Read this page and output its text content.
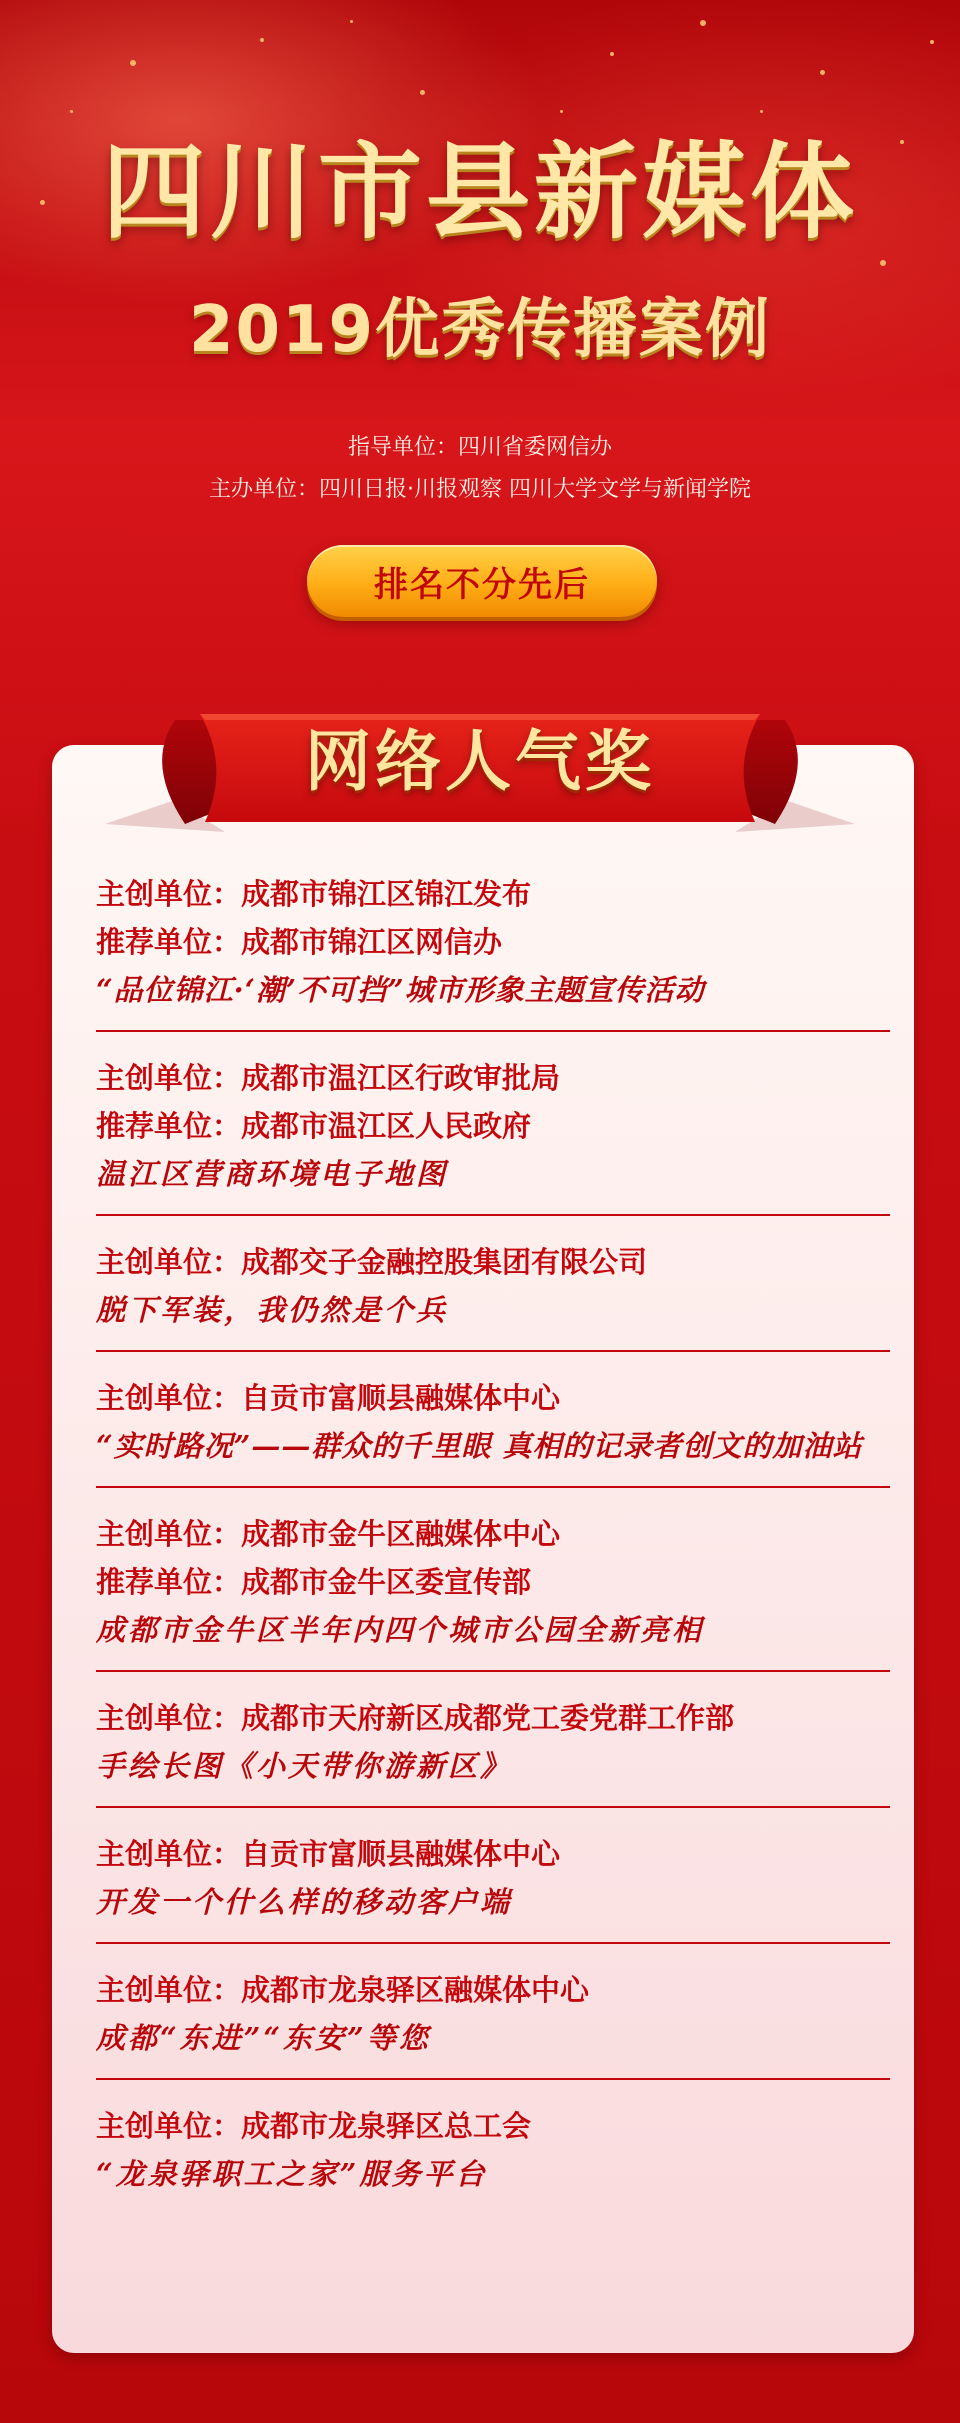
四川市县新媒体
2019优秀传播案例
指导单位：四川省委网信办
主办单位：四川日报·川报观察 四川大学文学与新闻学院
排名不分先后
网络人气奖
主创单位：成都市锦江区锦江发布
推荐单位：成都市锦江区网信办
“品位锦江·‘潮’不可挡”城市形象主题宣传活动
主创单位：成都市温江区行政审批局
推荐单位：成都市温江区人民政府
温江区营商环境电子地图
主创单位：成都交子金融控股集团有限公司
脱下军装，我仍然是个兵
主创单位：自贡市富顺县融媒体中心
“实时路况”——群众的千里眼 真相的记录者创文的加油站
主创单位：成都市金牛区融媒体中心
推荐单位：成都市金牛区委宣传部
成都市金牛区半年内四个城市公园全新亮相
主创单位：成都市天府新区成都党工委党群工作部
手绘长图《小天带你游新区》
主创单位：自贡市富顺县融媒体中心
开发一个什么样的移动客户端
主创单位：成都市龙泉驿区融媒体中心
成都“东进”“东安”等您
主创单位：成都市龙泉驿区总工会
“龙泉驿职工之家”服务平台
